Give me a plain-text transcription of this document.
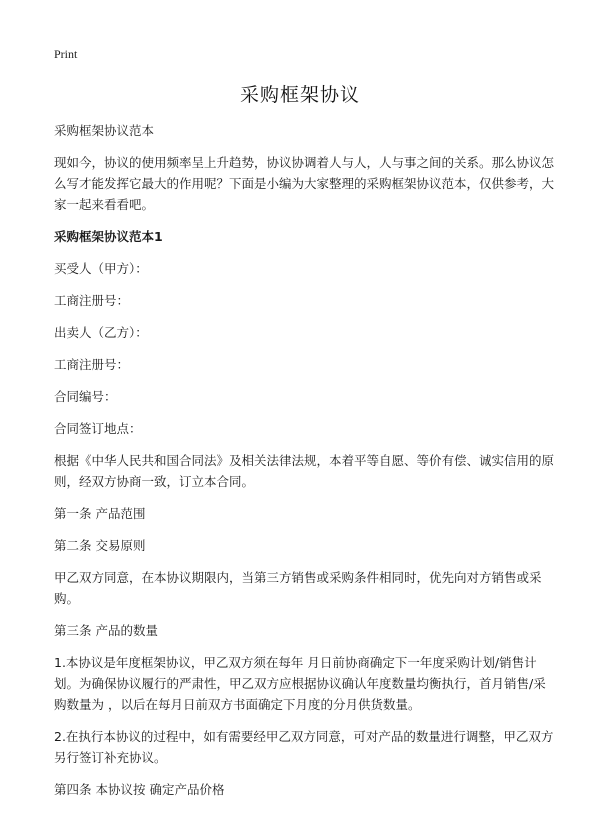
Print
采购框架协议

采购框架协议范本

现如今，协议的使用频率呈上升趋势，协议协调着人与人，人与事之间的关系。那么协议怎么写才能发挥它最大的作用呢？下面是小编为大家整理的采购框架协议范本，仅供参考，大家一起来看看吧。

采购框架协议范本1

买受人（甲方）：

工商注册号：

出卖人（乙方）：

工商注册号：

合同编号：

合同签订地点：

根据《中华人民共和国合同法》及相关法律法规，本着平等自愿、等价有偿、诚实信用的原则，经双方协商一致，订立本合同。

第一条 产品范围

第二条 交易原则

甲乙双方同意，在本协议期限内，当第三方销售或采购条件相同时，优先向对方销售或采购。

第三条 产品的数量

1.本协议是年度框架协议，甲乙双方须在每年 月日前协商确定下一年度采购计划/销售计划。为确保协议履行的严肃性，甲乙双方应根据协议确认年度数量均衡执行，首月销售/采购数量为 ，以后在每月日前双方书面确定下月度的分月供货数量。

2.在执行本协议的过程中，如有需要经甲乙双方同意，可对产品的数量进行调整，甲乙双方另行签订补充协议。

第四条 本协议按 确定产品价格
